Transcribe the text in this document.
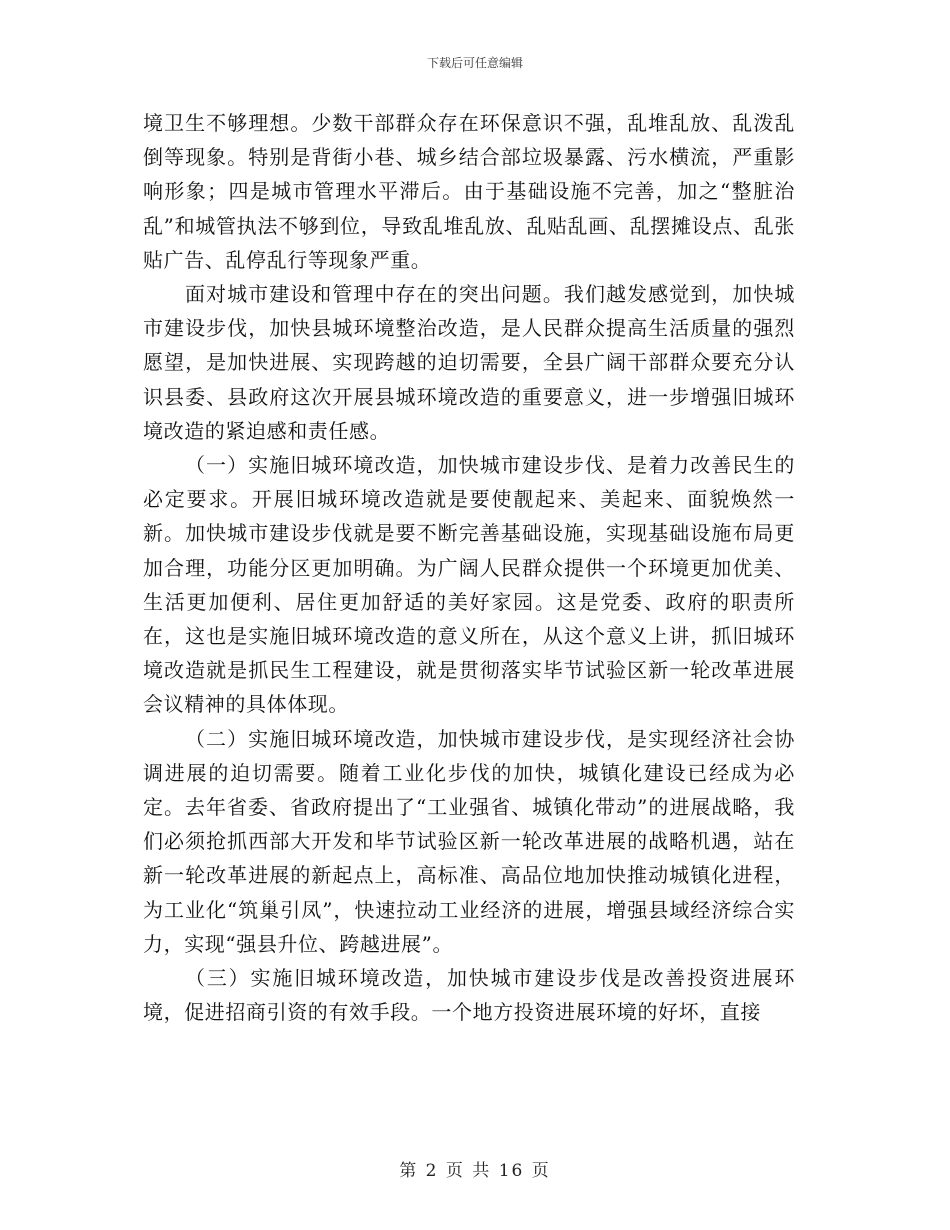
下载后可任意编辑

境卫生不够理想。少数干部群众存在环保意识不强，乱堆乱放、乱泼乱倒等现象。特别是背街小巷、城乡结合部垃圾暴露、污水横流，严重影响形象；四是城市管理水平滞后。由于基础设施不完善，加之“整脏治乱”和城管执法不够到位，导致乱堆乱放、乱贴乱画、乱摆摊设点、乱张贴广告、乱停乱行等现象严重。

面对城市建设和管理中存在的突出问题。我们越发感觉到，加快城市建设步伐，加快县城环境整治改造，是人民群众提高生活质量的强烈愿望，是加快进展、实现跨越的迫切需要，全县广阔干部群众要充分认识县委、县政府这次开展县城环境改造的重要意义，进一步增强旧城环境改造的紧迫感和责任感。

（一）实施旧城环境改造，加快城市建设步伐、是着力改善民生的必定要求。开展旧城环境改造就是要使靓起来、美起来、面貌焕然一新。加快城市建设步伐就是要不断完善基础设施，实现基础设施布局更加合理，功能分区更加明确。为广阔人民群众提供一个环境更加优美、生活更加便利、居住更加舒适的美好家园。这是党委、政府的职责所在，这也是实施旧城环境改造的意义所在，从这个意义上讲，抓旧城环境改造就是抓民生工程建设，就是贯彻落实毕节试验区新一轮改革进展会议精神的具体体现。

（二）实施旧城环境改造，加快城市建设步伐，是实现经济社会协调进展的迫切需要。随着工业化步伐的加快，城镇化建设已经成为必定。去年省委、省政府提出了“工业强省、城镇化带动”的进展战略，我们必须抢抓西部大开发和毕节试验区新一轮改革进展的战略机遇，站在新一轮改革进展的新起点上，高标准、高品位地加快推动城镇化进程，为工业化“筑巢引凤”，快速拉动工业经济的进展，增强县域经济综合实力，实现“强县升位、跨越进展”。

（三）实施旧城环境改造，加快城市建设步伐是改善投资进展环境，促进招商引资的有效手段。一个地方投资进展环境的好坏，直接

第 2 页 共 16 页
